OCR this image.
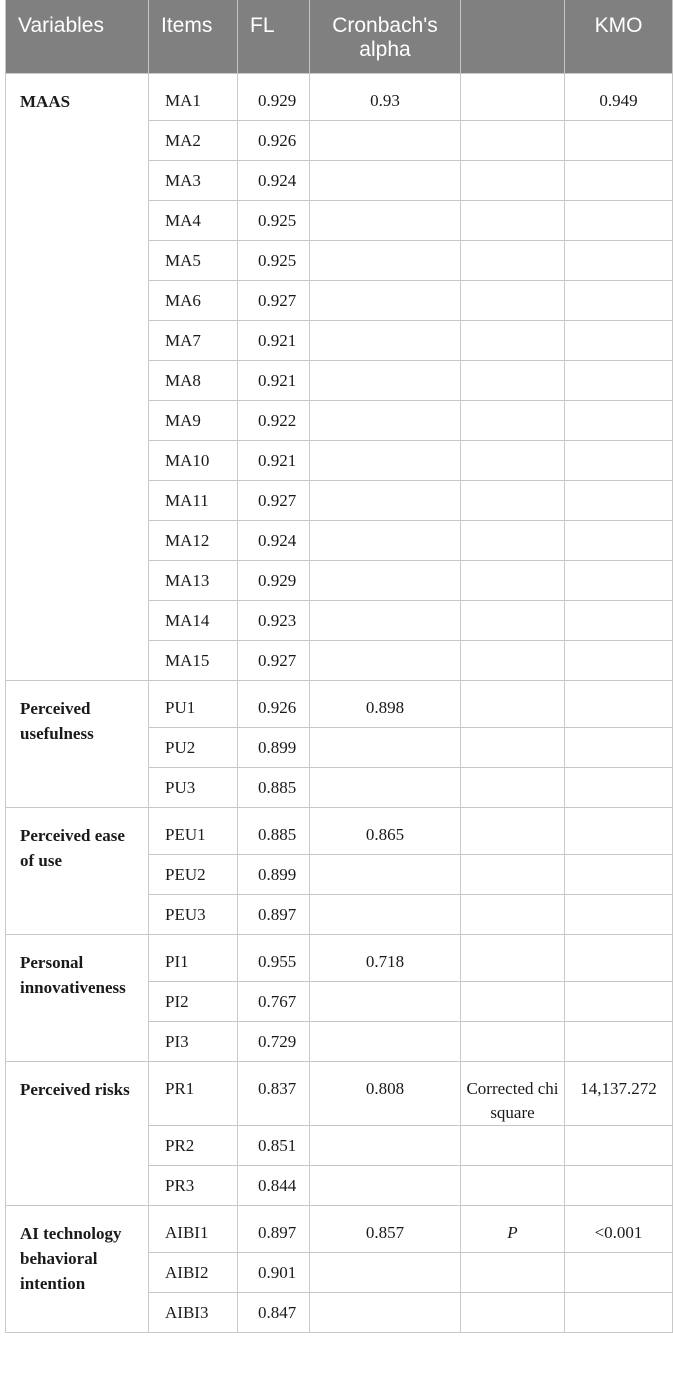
Variables	Items	FL	Cronbach's alpha		KMO
MAAS	MA1	0.929	0.93		0.949
	MA2	0.926			
	MA3	0.924			
	MA4	0.925			
	MA5	0.925			
	MA6	0.927			
	MA7	0.921			
	MA8	0.921			
	MA9	0.922			
	MA10	0.921			
	MA11	0.927			
	MA12	0.924			
	MA13	0.929			
	MA14	0.923			
	MA15	0.927			
Perceived usefulness	PU1	0.926	0.898		
	PU2	0.899			
	PU3	0.885			
Perceived ease of use	PEU1	0.885	0.865		
	PEU2	0.899			
	PEU3	0.897			
Personal innovativeness	PI1	0.955	0.718		
	PI2	0.767			
	PI3	0.729			
Perceived risks	PR1	0.837	0.808	Corrected chi square	14,137.272
	PR2	0.851			
	PR3	0.844			
AI technology behavioral intention	AIBI1	0.897	0.857	P	<0.001
	AIBI2	0.901			
	AIBI3	0.847			
